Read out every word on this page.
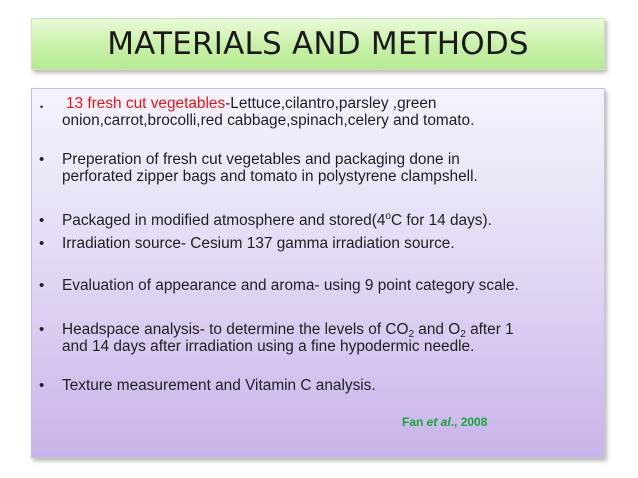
MATERIALS AND METHODS
• 13 fresh cut vegetables-Lettuce,cilantro,parsley ,green
onion,carrot,brocolli,red cabbage,spinach,celery and tomato.
• Preperation of fresh cut vegetables and packaging done in
perforated zipper bags and tomato in polystyrene clampshell.
• Packaged in modified atmosphere and stored(4$^o$C for 14 days).
• Irradiation source- Cesium 137 gamma irradiation source.
• Evaluation of appearance and aroma- using 9 point category scale.
• Headspace analysis- to determine the levels of $CO_2$ and $O_2$ after 1
and 14 days after irradiation using a fine hypodermic needle.
• Texture measurement and Vitamin C analysis.
Fan et al., 2008
